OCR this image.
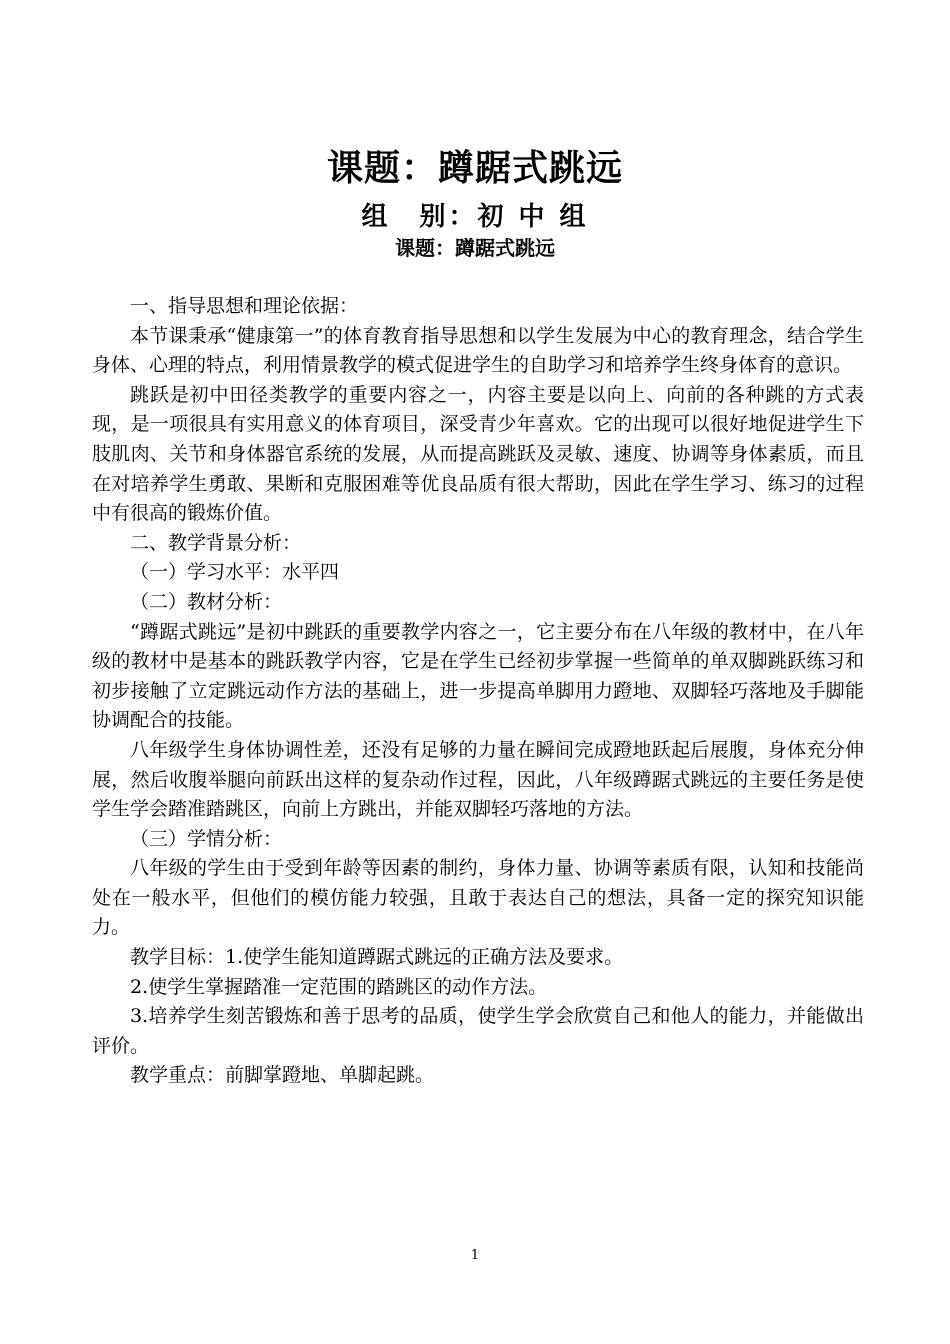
课题：蹲踞式跳远
组　别：初 中 组
课题：蹲踞式跳远

一、指导思想和理论依据：

本节课秉承“健康第一”的体育教育指导思想和以学生发展为中心的教育理念，结合学生身体、心理的特点，利用情景教学的模式促进学生的自助学习和培养学生终身体育的意识。

跳跃是初中田径类教学的重要内容之一，内容主要是以向上、向前的各种跳的方式表现，是一项很具有实用意义的体育项目，深受青少年喜欢。它的出现可以很好地促进学生下肢肌肉、关节和身体器官系统的发展，从而提高跳跃及灵敏、速度、协调等身体素质，而且在对培养学生勇敢、果断和克服困难等优良品质有很大帮助，因此在学生学习、练习的过程中有很高的锻炼价值。

二、教学背景分析：

（一）学习水平：水平四

（二）教材分析：

“蹲踞式跳远”是初中跳跃的重要教学内容之一，它主要分布在八年级的教材中，在八年级的教材中是基本的跳跃教学内容，它是在学生已经初步掌握一些简单的单双脚跳跃练习和初步接触了立定跳远动作方法的基础上，进一步提高单脚用力蹬地、双脚轻巧落地及手脚能协调配合的技能。

八年级学生身体协调性差，还没有足够的力量在瞬间完成蹬地跃起后展腹，身体充分伸展，然后收腹举腿向前跃出这样的复杂动作过程，因此，八年级蹲踞式跳远的主要任务是使学生学会踏准踏跳区，向前上方跳出，并能双脚轻巧落地的方法。

（三）学情分析：

八年级的学生由于受到年龄等因素的制约，身体力量、协调等素质有限，认知和技能尚处在一般水平，但他们的模仿能力较强，且敢于表达自己的想法，具备一定的探究知识能力。

教学目标：1.使学生能知道蹲踞式跳远的正确方法及要求。

2.使学生掌握踏准一定范围的踏跳区的动作方法。

3.培养学生刻苦锻炼和善于思考的品质，使学生学会欣赏自己和他人的能力，并能做出评价。

教学重点：前脚掌蹬地、单脚起跳。

1
